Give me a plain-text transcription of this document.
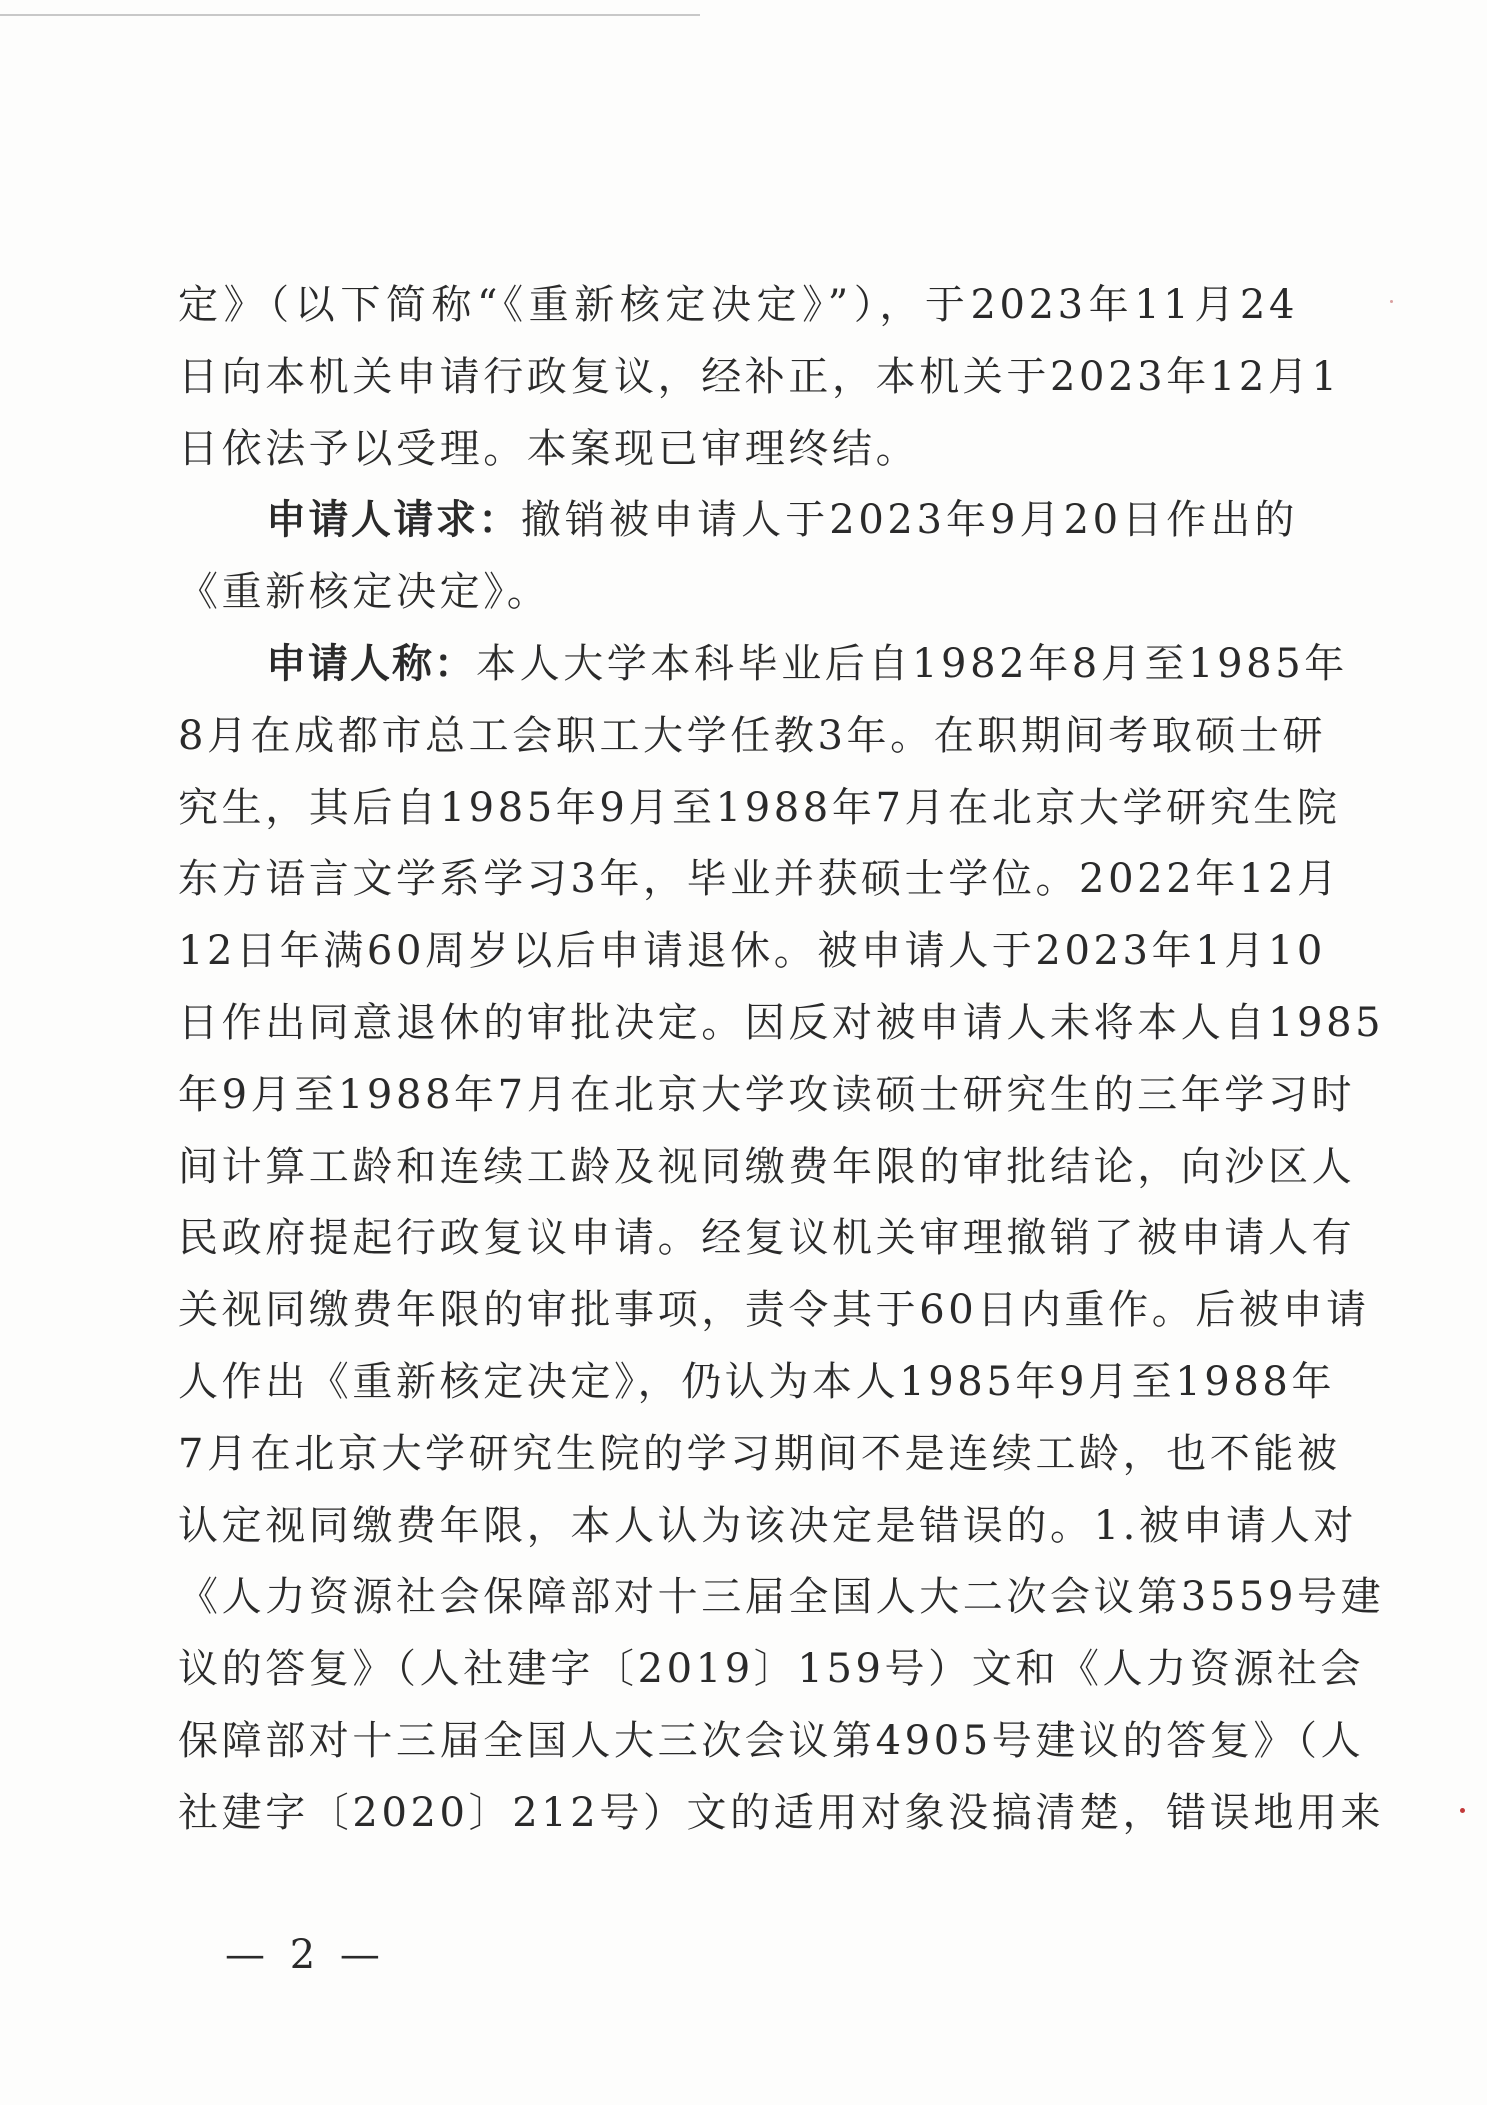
定》（以下简称“《重新核定决定》”），于2023年11月24
日向本机关申请行政复议，经补正，本机关于2023年12月1
日依法予以受理。本案现已审理终结。
申请人请求：撤销被申请人于2023年9月20日作出的
《重新核定决定》。
申请人称：本人大学本科毕业后自1982年8月至1985年
8月在成都市总工会职工大学任教3年。在职期间考取硕士研
究生，其后自1985年9月至1988年7月在北京大学研究生院
东方语言文学系学习3年，毕业并获硕士学位。2022年12月
12日年满60周岁以后申请退休。被申请人于2023年1月10
日作出同意退休的审批决定。因反对被申请人未将本人自1985
年9月至1988年7月在北京大学攻读硕士研究生的三年学习时
间计算工龄和连续工龄及视同缴费年限的审批结论，向沙区人
民政府提起行政复议申请。经复议机关审理撤销了被申请人有
关视同缴费年限的审批事项，责令其于60日内重作。后被申请
人作出《重新核定决定》，仍认为本人1985年9月至1988年
7月在北京大学研究生院的学习期间不是连续工龄，也不能被
认定视同缴费年限，本人认为该决定是错误的。1.被申请人对
《人力资源社会保障部对十三届全国人大二次会议第3559号建
议的答复》（人社建字〔2019〕159号）文和《人力资源社会
保障部对十三届全国人大三次会议第4905号建议的答复》（人
社建字〔2020〕212号）文的适用对象没搞清楚，错误地用来
— 2 —
